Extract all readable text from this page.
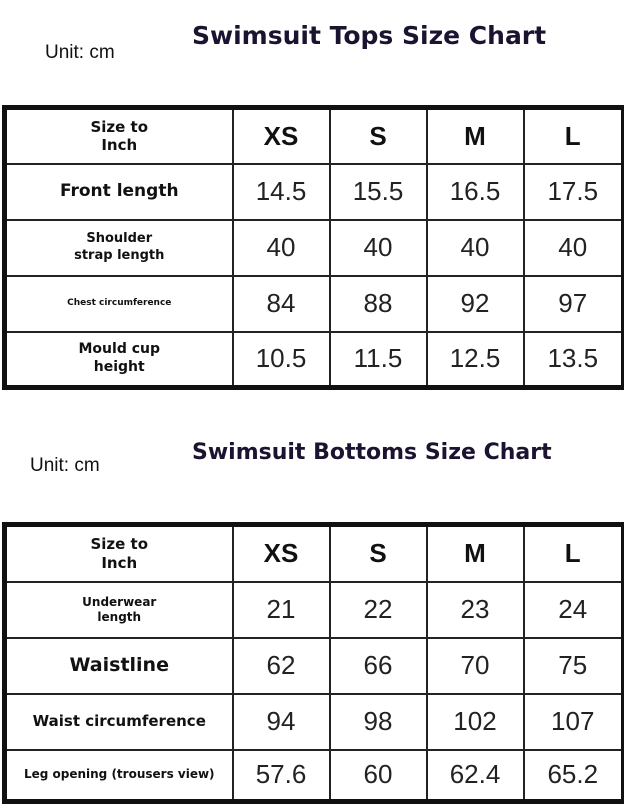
Unit: cm
Swimsuit Tops Size Chart
Size to
Inch	XS	S	M	L
Front length	14.5	15.5	16.5	17.5
Shoulder
strap length	40	40	40	40
Chest circumference	84	88	92	97
Mould cup
height	10.5	11.5	12.5	13.5
Unit: cm
Swimsuit Bottoms Size Chart
Size to
Inch	XS	S	M	L
Underwear
length	21	22	23	24
Waistline	62	66	70	75
Waist circumference	94	98	102	107
Leg opening (trousers view)	57.6	60	62.4	65.2
